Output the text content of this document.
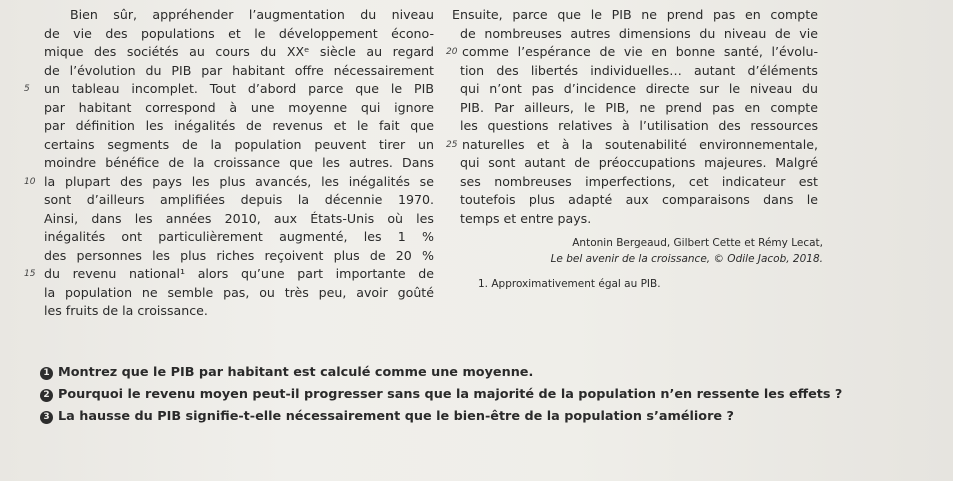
Bien sûr, appréhender l’augmentation du niveau
de vie des populations et le développement écono-
mique des sociétés au cours du XXᵉ siècle au regard
de l’évolution du PIB par habitant offre nécessairement
5 un tableau incomplet. Tout d’abord parce que le PIB
par habitant correspond à une moyenne qui ignore
par définition les inégalités de revenus et le fait que
certains segments de la population peuvent tirer un
moindre bénéfice de la croissance que les autres. Dans
10 la plupart des pays les plus avancés, les inégalités se
sont d’ailleurs amplifiées depuis la décennie 1970.
Ainsi, dans les années 2010, aux États-Unis où les
inégalités ont particulièrement augmenté, les 1 %
des personnes les plus riches reçoivent plus de 20 %
15 du revenu national¹ alors qu’une part importante de
la population ne semble pas, ou très peu, avoir goûté
les fruits de la croissance.
Ensuite, parce que le PIB ne prend pas en compte
de nombreuses autres dimensions du niveau de vie
20 comme l’espérance de vie en bonne santé, l’évolu-
tion des libertés individuelles… autant d’éléments
qui n’ont pas d’incidence directe sur le niveau du
PIB. Par ailleurs, le PIB, ne prend pas en compte
les questions relatives à l’utilisation des ressources
25 naturelles et à la soutenabilité environnementale,
qui sont autant de préoccupations majeures. Malgré
ses nombreuses imperfections, cet indicateur est
toutefois plus adapté aux comparaisons dans le
temps et entre pays.
Antonin Bergeaud, Gilbert Cette et Rémy Lecat,
Le bel avenir de la croissance, © Odile Jacob, 2018.
1. Approximativement égal au PIB.
1 Montrez que le PIB par habitant est calculé comme une moyenne.
2 Pourquoi le revenu moyen peut-il progresser sans que la majorité de la population n’en ressente les effets ?
3 La hausse du PIB signifie-t-elle nécessairement que le bien-être de la population s’améliore ?
